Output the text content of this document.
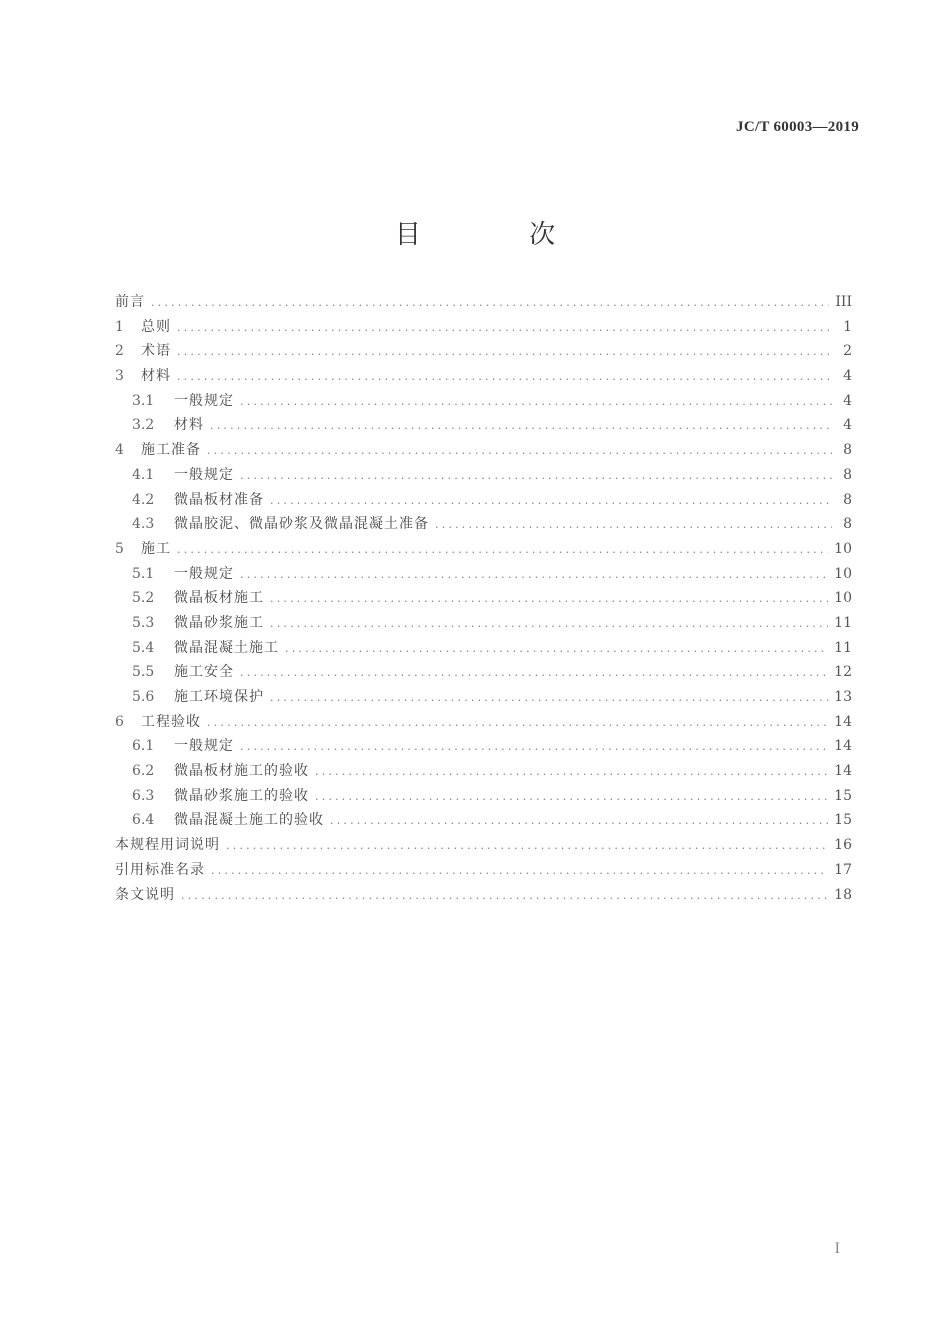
JC/T 60003—2019
目 次
前言 .....	III
1	总则 .....	1
2	术语 .....	2
3	材料 .....	4
3.1	一般规定 .....	4
3.2	材料 .....	4
4	施工准备 .....	8
4.1	一般规定 .....	8
4.2	微晶板材准备 .....	8
4.3	微晶胶泥、微晶砂浆及微晶混凝土准备 .....	8
5	施工 .....	10
5.1	一般规定 .....	10
5.2	微晶板材施工 .....	10
5.3	微晶砂浆施工 .....	11
5.4	微晶混凝土施工 .....	11
5.5	施工安全 .....	12
5.6	施工环境保护 .....	13
6	工程验收 .....	14
6.1	一般规定 .....	14
6.2	微晶板材施工的验收 .....	14
6.3	微晶砂浆施工的验收 .....	15
6.4	微晶混凝土施工的验收 .....	15
本规程用词说明 .....	16
引用标准名录 .....	17
条文说明 .....	18
I
